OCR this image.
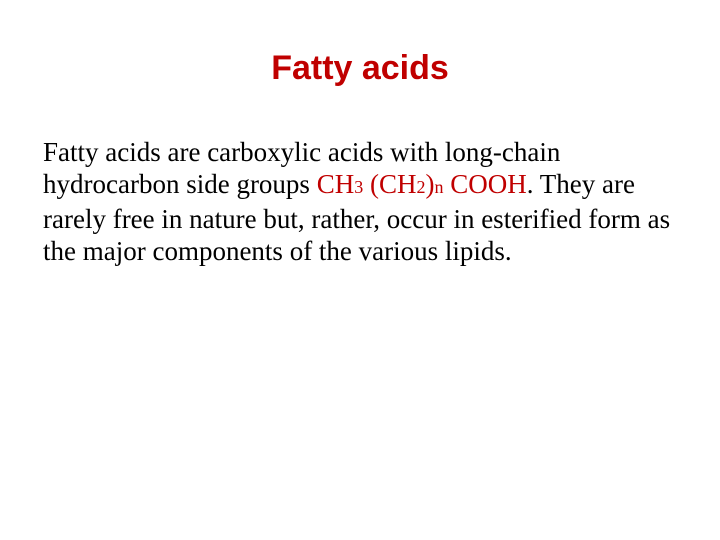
Fatty acids

Fatty acids are carboxylic acids with long-chain hydrocarbon side groups CH3 (CH2)n COOH. They are rarely free in nature but, rather, occur in esterified form as the major components of the various lipids.
